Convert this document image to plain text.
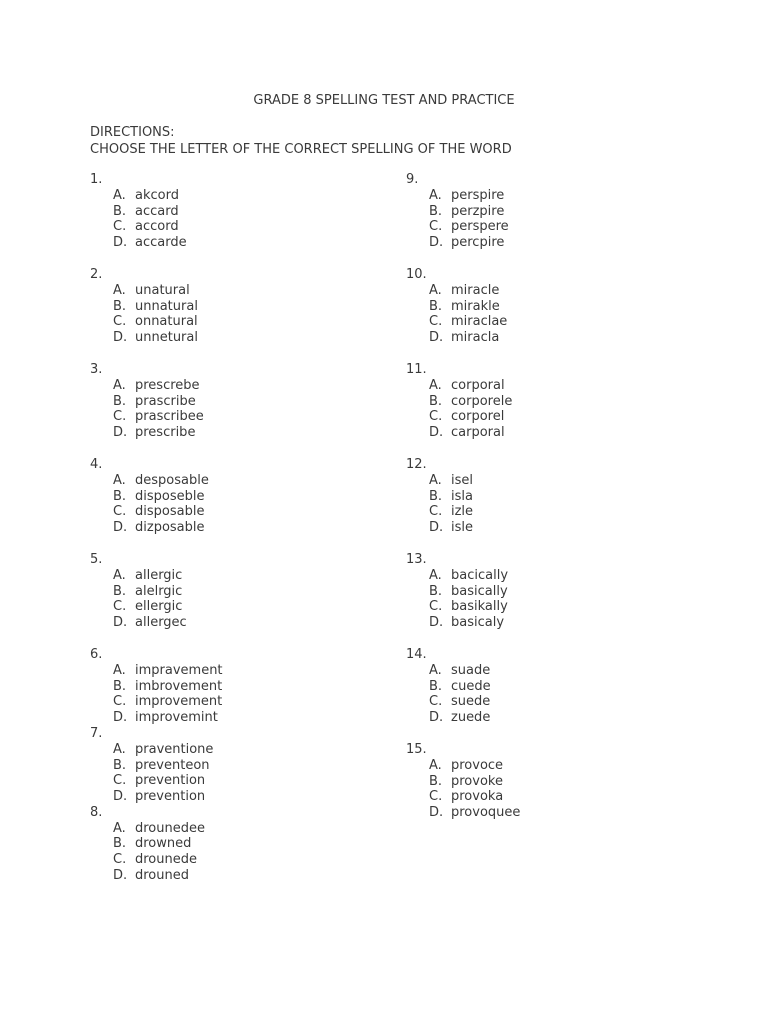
GRADE 8 SPELLING TEST AND PRACTICE
DIRECTIONS:
CHOOSE THE LETTER OF THE CORRECT SPELLING OF THE WORD
1.
A. akcord
B. accard
C. accord
D. accarde
2.
A. unatural
B. unnatural
C. onnatural
D. unnetural
3.
A. prescrebe
B. prascribe
C. prascribee
D. prescribe
4.
A. desposable
B. disposeble
C. disposable
D. dizposable
5.
A. allergic
B. alelrgic
C. ellergic
D. allergec
6.
A. impravement
B. imbrovement
C. improvement
D. improvemint
7.
A. praventione
B. preventeon
C. prevention
D. prevention
8.
A. drounedee
B. drowned
C. drounede
D. drouned
9.
A. perspire
B. perzpire
C. perspere
D. percpire
10.
A. miracle
B. mirakle
C. miraclae
D. miracla
11.
A. corporal
B. corporele
C. corporel
D. carporal
12.
A. isel
B. isla
C. izle
D. isle
13.
A. bacically
B. basically
C. basikally
D. basicaly
14.
A. suade
B. cuede
C. suede
D. zuede
15.
A. provoce
B. provoke
C. provoka
D. provoquee
